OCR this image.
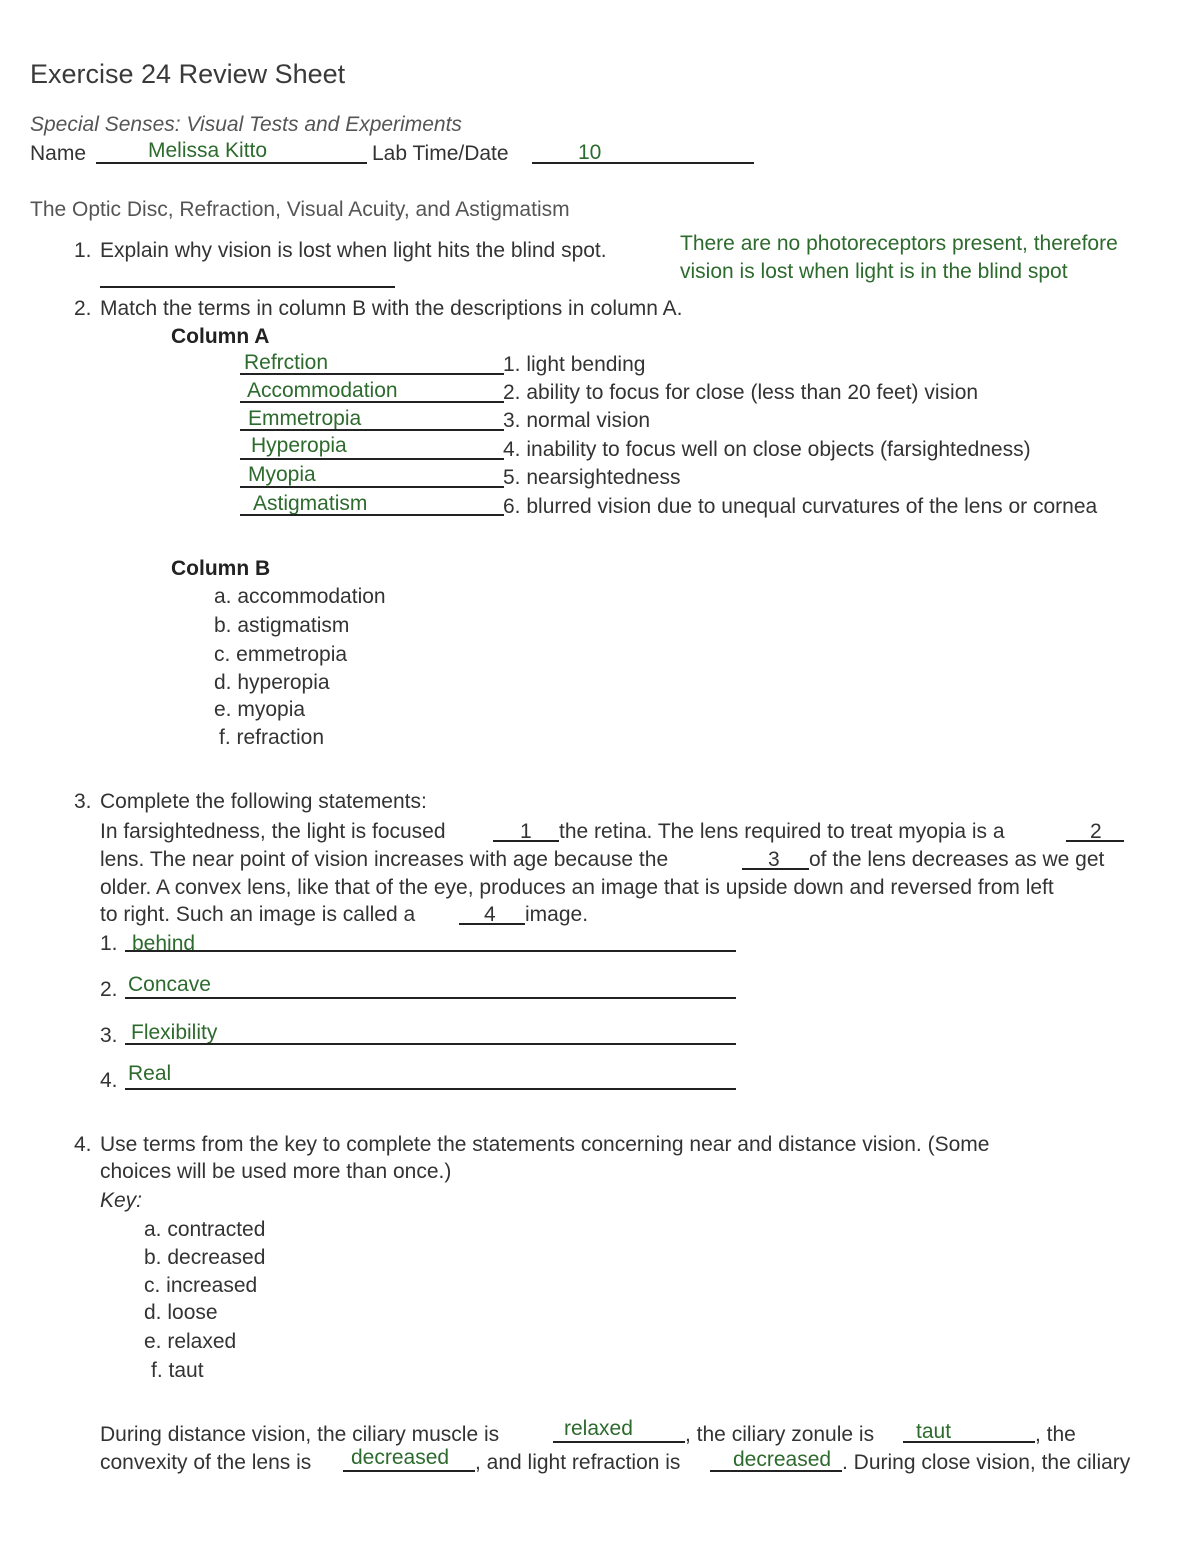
Exercise 24 Review Sheet
Special Senses: Visual Tests and Experiments
Name	Melissa Kitto	Lab Time/Date	10
The Optic Disc, Refraction, Visual Acuity, and Astigmatism
1. Explain why vision is lost when light hits the blind spot.	There are no photoreceptors present, therefore
vision is lost when light is in the blind spot
2. Match the terms in column B with the descriptions in column A.
Column A
Refrction	1. light bending
Accommodation	2. ability to focus for close (less than 20 feet) vision
Emmetropia	3. normal vision
Hyperopia	4. inability to focus well on close objects (farsightedness)
Myopia	5. nearsightedness
Astigmatism	6. blurred vision due to unequal curvatures of the lens or cornea
Column B
a. accommodation
b. astigmatism
c. emmetropia
d. hyperopia
e. myopia
f. refraction
3. Complete the following statements:
In farsightedness, the light is focused	1 the retina. The lens required to treat myopia is a	2
lens. The near point of vision increases with age because the	3 of the lens decreases as we get
older. A convex lens, like that of the eye, produces an image that is upside down and reversed from left
to right. Such an image is called a	4 image.
1. behind
2. Concave
3. Flexibility
4. Real
4. Use terms from the key to complete the statements concerning near and distance vision. (Some
choices will be used more than once.)
Key:
a. contracted
b. decreased
c. increased
d. loose
e. relaxed
f. taut
During distance vision, the ciliary muscle is	relaxed , the ciliary zonule is taut	, the
convexity of the lens is decreased , and light refraction is	decreased . During close vision, the ciliary
